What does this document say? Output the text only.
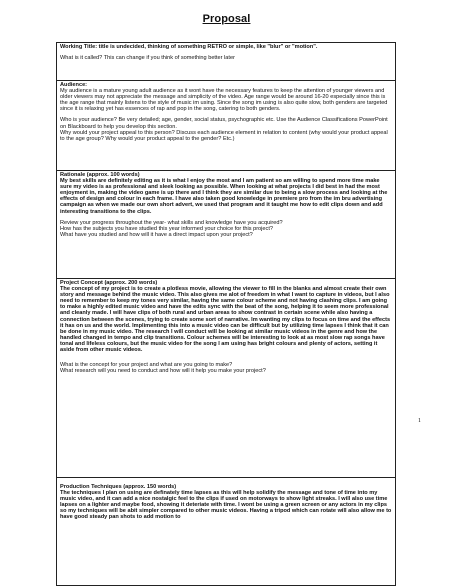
Proposal

Working Title: title is undecided, thinking of something RETRO or simple, like "blur" or "motion".

What is it called? This can change if you think of something better later

Audience:

My audience is a mature young adult audience as it wont have the necessary features to keep the attention of younger viewers and older viewers may not appreciate the message and simplicity of the video. Age range would be around 16-20 especially since this is the age range that mainly listens to the style of music im using. Since the song im using is also quite slow, both genders are targeted since it is relaxing yet has essences of rap and pop in the song, catering to both genders.

Who is your audience? Be very detailed; age, gender, social status, psychographic etc. Use the Audience Classifications PowerPoint on Blackboard to help you develop this section.

Why would your project appeal to this person? Discuss each audience element in relation to content (why would your product appeal to the age group? Why would your product appeal to the gender? Etc.)

Rationale (approx. 100 words)

My best skills are definitely editing as it is what I enjoy the most and I am patient so am willing to spend more time make sure my video is as professional and sleek looking as possible. When looking at what projects I did best in had the most enjoyment in, making the video game is up there and I think they are similar due to being a slow process and looking at the effects of design and colour in each frame. I have also taken good knowledge in premiere pro from the im bru advertising campaign as when we made our own short advert, we used that program and it taught me how to edit clips down and add interesting transitions to the clips.

Review your progress throughout the year- what skills and knowledge have you acquired?

How has the subjects you have studied this year informed your choice for this project?

What have you studied and how will it have a direct impact upon your project?

Project Concept (approx. 200 words)

The concept of my project is to create a plotless movie, allowing the viewer to fill in the blanks and almost create their own story and message behind the music video. This also gives me alot of freedom in what I want to capture in videos, but I also need to remember to keep my tones very similar, having the same colour scheme and not having clashing clips. I am going to make a highly edited music video and have the edits sync with the beat of the song, helping it to seem more professional and cleanly made. I will have clips of both rural and urban areas to show contrast in certain scene while also having a connection between the scenes, trying to create some sort of narrative. Im wanting my clips to focus on time and the effects it has on us and the world. Implimenting this into a music video can be difficult but by utilizing time lapses I think that it can be done in my music video. The research I will conduct will be looking at similar music videos in the genre and how the handled changed in tempo and clip transitions. Colour schemes will be interesting to look at as most slow rap songs have tonal and lifeless colours, but the music video for the song I am using has bright colours and plenty of actors, setting it aside from other music videos.

What is the concept for your project and what are you going to make?

What research will you need to conduct and how will it help you make your project?

Production Techniques (approx. 150 words)

The techniques I plan on using are definately time lapses as this will help solidify the message and tone of time into my music video, and it can add a nice nostalgic feel to the clips if used on motorways to show light streaks. I will also use time lapses on a lighter and maybe food, showing it deteriate with time. I wont be using a green screen or any actors in my clips so my techniques will be abit simpler compared to other music videos. Having a tripod which can rotate will also allow me to have good steady pan shots to add motion to

1
